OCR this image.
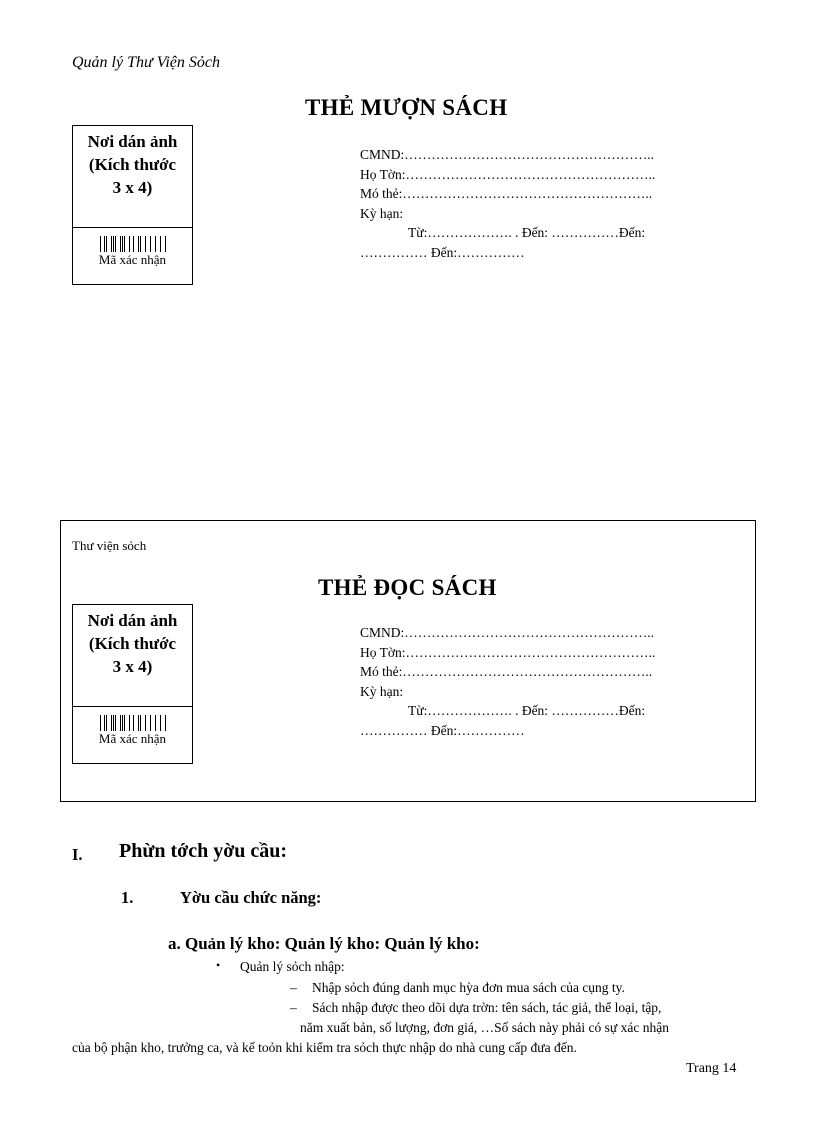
Quản lý Thư Viện Sỏch
THẺ MƯỢN SÁCH
Nơi dán ảnh
(Kích thước
3 x 4)
Mã xác nhận
CMND:………………………………………………..
Họ Tờn:………………………………………………..
Mó thẻ:………………………………………………..
Kỳ hạn:
Từ:………………. . Đến: ……………Đến:
…………… Đến:……………
Thư viện sỏch
THẺ ĐỌC SÁCH
Nơi dán ảnh
(Kích thước
3 x 4)
Mã xác nhận
CMND:………………………………………………..
Họ Tờn:………………………………………………..
Mó thẻ:………………………………………………..
Kỳ hạn:
Từ:………………. . Đến: ……………Đến:
…………… Đến:……………
I. Phừn tớch yờu cầu:
1.	Yờu cầu chức năng:
a. Quản lý kho: Quản lý kho: Quản lý kho:
• Quản lý sỏch nhập:
– Nhập sỏch đúng danh mục hỳa đơn mua sách của cụng ty.
– Sách nhập được theo dõi dựa trờn: tên sách, tác giả, thể loại, tập,
năm xuất bản, số lượng, đơn giá, …Số sách này phải có sự xác nhận
của bộ phận kho, trưởng ca, và kế toỏn khi kiểm tra sỏch thực nhập do nhà cung cấp đưa đến.
Trang 14
